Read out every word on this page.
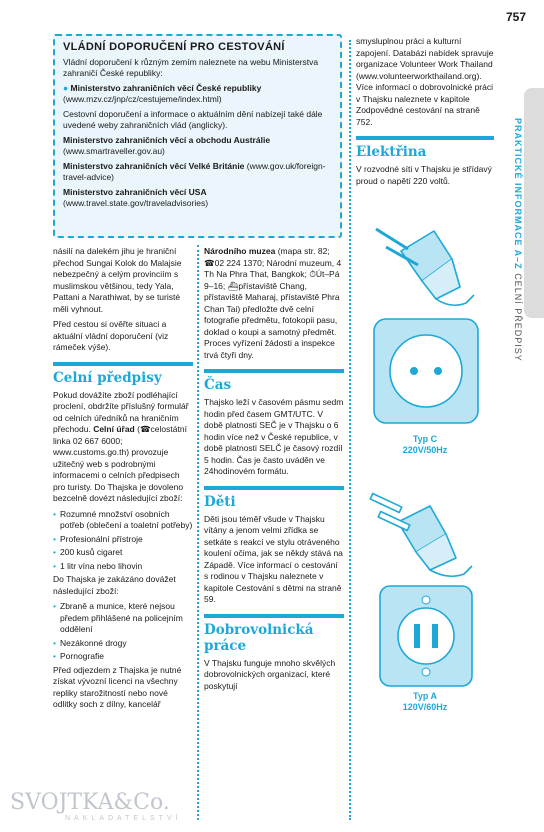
757
PRAKTICKÉ INFORMACE A–Z CELNÍ PŘEDPISY
VLÁDNÍ DOPORUČENÍ PRO CESTOVÁNÍ

Vládní doporučení k různým zemím naleznete na webu Ministerstva zahraničí České republiky:

● Ministerstvo zahraničních věcí České republiky (www.mzv.cz/jnp/cz/cestujeme/index.html)

Cestovní doporučení a informace o aktuálním dění nabízejí také dále uvedené weby zahraničních vlád (anglicky).

Ministerstvo zahraničních věcí a obchodu Austrálie (www.smartraveller.gov.au)

Ministerstvo zahraničních věcí Velké Británie (www.gov.uk/foreign-travel-advice)

Ministerstvo zahraničních věcí USA (www.travel.state.gov/traveladvisories)

násilí na dalekém jihu je hraniční přechod Sungai Kolok do Malajsie nebezpečný a celým provinciím s muslimskou většinou, tedy Yala, Pattani a Narathiwat, by se turisté měli vyhnout.

Před cestou si ověřte situaci a aktuální vládní doporučení (viz rámeček výše).

Celní předpisy

Pokud dovážíte zboží podléhající proclení, obdržíte příslušný formulář od celních úředníků na hraničním přechodu. Celní úřad (☎celostátní linka 02 667 6000; www.customs.go.th) provozuje užitečný web s podrobnými informacemi o celních předpisech pro turisty. Do Thajska je dovoleno bezcelně dovézt následující zboží:

• Rozumné množství osobních potřeb (oblečení a toaletní potřeby)
• Profesionální přístroje
• 200 kusů cigaret
• 1 litr vína nebo lihovin

Do Thajska je zakázáno dovážet následující zboží:

• Zbraně a munice, které nejsou předem přihlášené na policejním oddělení
• Nezákonné drogy
• Pornografie

Před odjezdem z Thajska je nutné získat vývozní licenci na všechny repliky starožitností nebo nové odlitky soch z dílny, kancelář

Národního muzea (mapa str. 82; ☎02 224 1370; Národní muzeum, 4 Th Na Phra That, Bangkok; ⏱Út–Pá 9–16; ⛴přístaviště Chang, přístaviště Maharaj, přístaviště Phra Chan Tai) předložte dvě celní fotografie předmětu, fotokopii pasu, doklad o koupi a samotný předmět. Proces vyřízení žádosti a inspekce trvá čtyři dny.

Čas

Thajsko leží v časovém pásmu sedm hodin před časem GMT/UTC. V době platnosti SEČ je v Thajsku o 6 hodin více než v České republice, v době platnosti SELČ je časový rozdíl 5 hodin. Čas je často uváděn ve 24hodinovém formátu.

Děti

Děti jsou téměř všude v Thajsku vítány a jenom velmi zřídka se setkáte s reakcí ve stylu otráveného koulení očima, jak se někdy stává na Západě. Více informací o cestování s rodinou v Thajsku naleznete v kapitole Cestování s dětmi na straně 59.

Dobrovolnická práce

V Thajsku funguje mnoho skvělých dobrovolnických organizací, které poskytují

smysluplnou práci a kulturní zapojení. Databázi nabídek spravuje organizace Volunteer Work Thailand (www.volunteerworkthailand.org). Více informací o dobrovolnické práci v Thajsku naleznete v kapitole Zodpovědné cestování na straně 752.

Elektřina

V rozvodné síti v Thajsku je střídavý proud o napětí 220 voltů.

Typ C
220V/50Hz

Typ A
120V/60Hz
SVOJTKA&Co.
NAKLADATELSTVÍ
